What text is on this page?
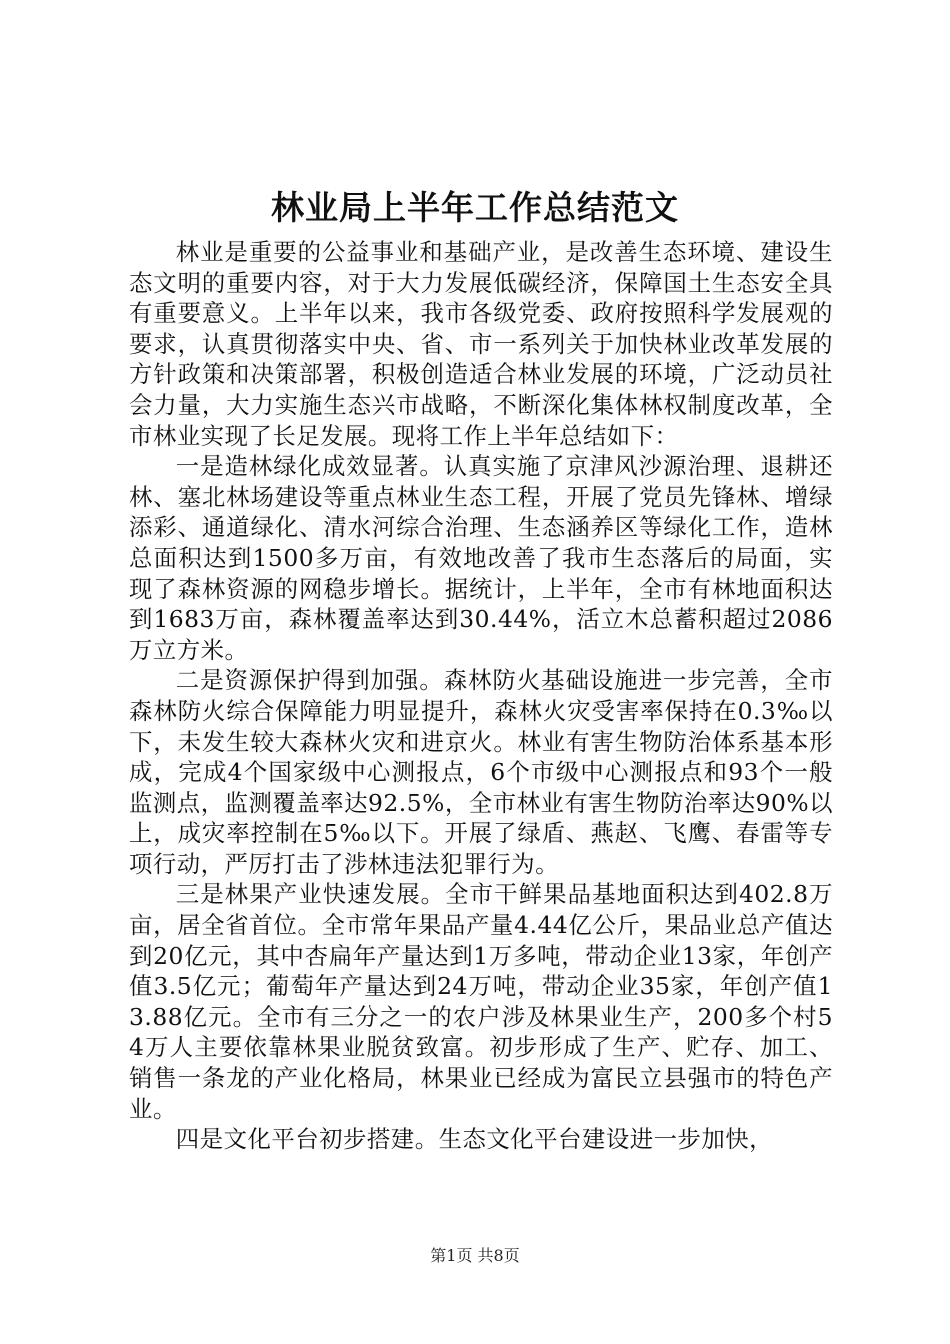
林业局上半年工作总结范文

林业是重要的公益事业和基础产业，是改善生态环境、建设生态文明的重要内容，对于大力发展低碳经济，保障国土生态安全具有重要意义。上半年以来，我市各级党委、政府按照科学发展观的要求，认真贯彻落实中央、省、市一系列关于加快林业改革发展的方针政策和决策部署，积极创造适合林业发展的环境，广泛动员社会力量，大力实施生态兴市战略，不断深化集体林权制度改革，全市林业实现了长足发展。现将工作上半年总结如下：

一是造林绿化成效显著。认真实施了京津风沙源治理、退耕还林、塞北林场建设等重点林业生态工程，开展了党员先锋林、增绿添彩、通道绿化、清水河综合治理、生态涵养区等绿化工作，造林总面积达到1500多万亩，有效地改善了我市生态落后的局面，实现了森林资源的网稳步增长。据统计，上半年，全市有林地面积达到1683万亩，森林覆盖率达到30.44%，活立木总蓄积超过2086万立方米。

二是资源保护得到加强。森林防火基础设施进一步完善，全市森林防火综合保障能力明显提升，森林火灾受害率保持在0.3‰以下，未发生较大森林火灾和进京火。林业有害生物防治体系基本形成，完成4个国家级中心测报点，6个市级中心测报点和93个一般监测点，监测覆盖率达92.5%，全市林业有害生物防治率达90%以上，成灾率控制在5‰以下。开展了绿盾、燕赵、飞鹰、春雷等专项行动，严厉打击了涉林违法犯罪行为。

三是林果产业快速发展。全市干鲜果品基地面积达到402.8万亩，居全省首位。全市常年果品产量4.44亿公斤，果品业总产值达到20亿元，其中杏扁年产量达到1万多吨，带动企业13家，年创产值3.5亿元；葡萄年产量达到24万吨，带动企业35家，年创产值13.88亿元。全市有三分之一的农户涉及林果业生产，200多个村54万人主要依靠林果业脱贫致富。初步形成了生产、贮存、加工、销售一条龙的产业化格局，林果业已经成为富民立县强市的特色产业。

四是文化平台初步搭建。生态文化平台建设进一步加快，

第1页 共8页
